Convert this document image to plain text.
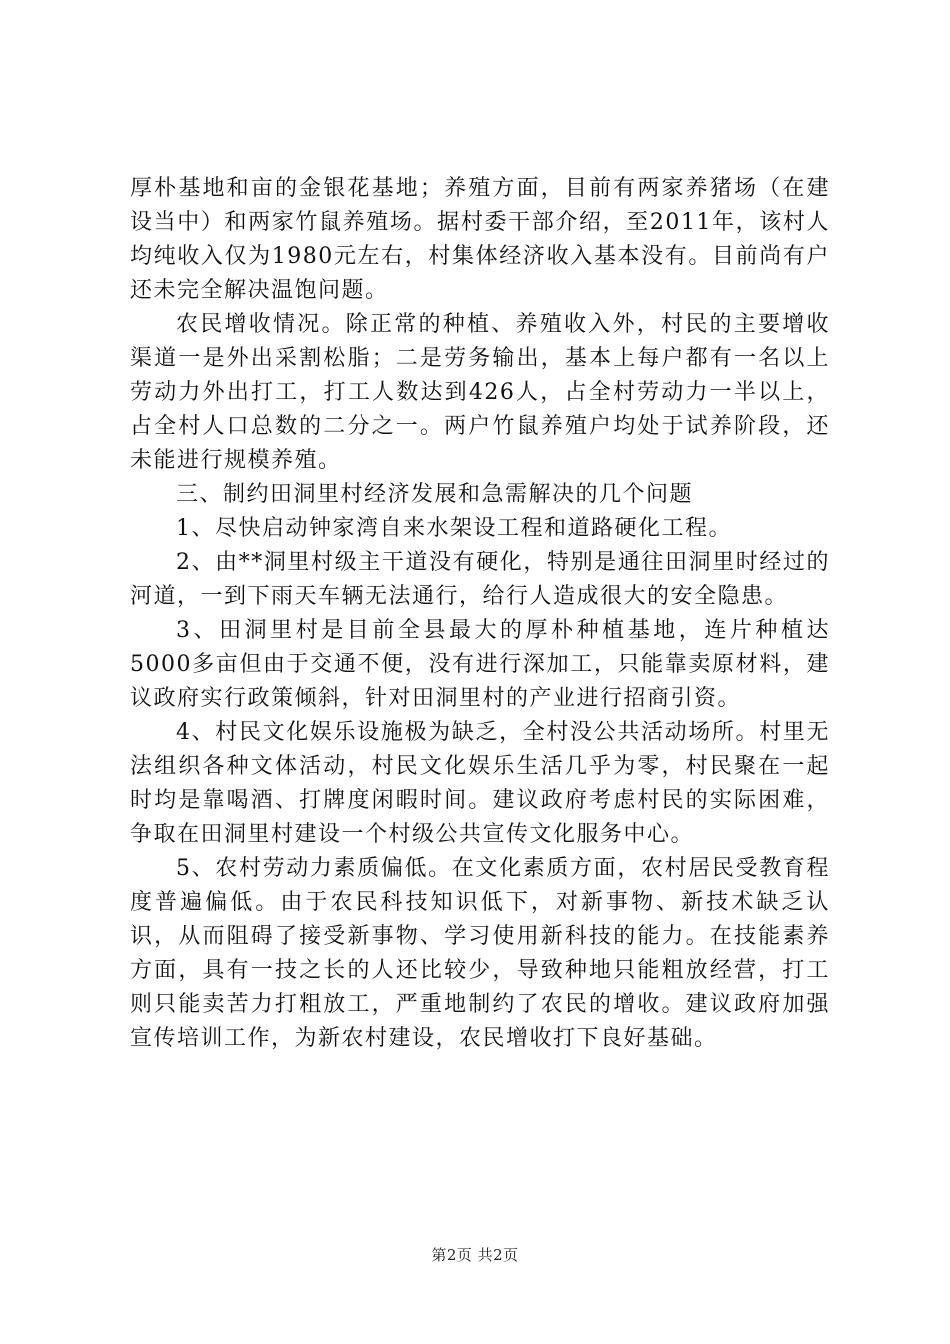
厚朴基地和亩的金银花基地；养殖方面，目前有两家养猪场（在建设当中）和两家竹鼠养殖场。据村委干部介绍，至2011年，该村人均纯收入仅为1980元左右，村集体经济收入基本没有。目前尚有户还未完全解决温饱问题。

农民增收情况。除正常的种植、养殖收入外，村民的主要增收渠道一是外出采割松脂；二是劳务输出，基本上每户都有一名以上劳动力外出打工，打工人数达到426人，占全村劳动力一半以上，占全村人口总数的二分之一。两户竹鼠养殖户均处于试养阶段，还未能进行规模养殖。

三、制约田洞里村经济发展和急需解决的几个问题

1、尽快启动钟家湾自来水架设工程和道路硬化工程。

2、由**洞里村级主干道没有硬化，特别是通往田洞里时经过的河道，一到下雨天车辆无法通行，给行人造成很大的安全隐患。

3、田洞里村是目前全县最大的厚朴种植基地，连片种植达5000多亩但由于交通不便，没有进行深加工，只能靠卖原材料，建议政府实行政策倾斜，针对田洞里村的产业进行招商引资。

4、村民文化娱乐设施极为缺乏，全村没公共活动场所。村里无法组织各种文体活动，村民文化娱乐生活几乎为零，村民聚在一起时均是靠喝酒、打牌度闲暇时间。建议政府考虑村民的实际困难，争取在田洞里村建设一个村级公共宣传文化服务中心。

5、农村劳动力素质偏低。在文化素质方面，农村居民受教育程度普遍偏低。由于农民科技知识低下，对新事物、新技术缺乏认识，从而阻碍了接受新事物、学习使用新科技的能力。在技能素养方面，具有一技之长的人还比较少，导致种地只能粗放经营，打工则只能卖苦力打粗放工，严重地制约了农民的增收。建议政府加强宣传培训工作，为新农村建设，农民增收打下良好基础。

第2页 共2页
